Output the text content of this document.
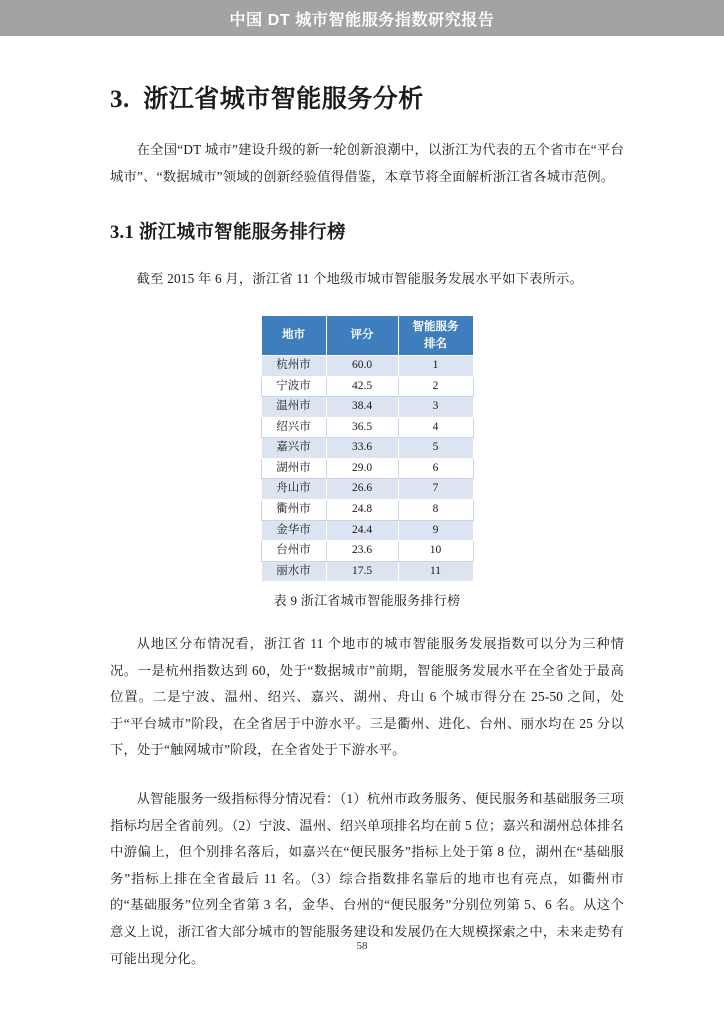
中国 DT 城市智能服务指数研究报告
3.  浙江省城市智能服务分析

在全国“DT 城市”建设升级的新一轮创新浪潮中，以浙江为代表的五个省市在“平台城市”、“数据城市”领域的创新经验值得借鉴，本章节将全面解析浙江省各城市范例。

3.1 浙江城市智能服务排行榜

截至 2015 年 6 月，浙江省 11 个地级市城市智能服务发展水平如下表所示。

地市	评分	智能服务
排名
杭州市	60.0	1
宁波市	42.5	2
温州市	38.4	3
绍兴市	36.5	4
嘉兴市	33.6	5
湖州市	29.0	6
舟山市	26.6	7
衢州市	24.8	8
金华市	24.4	9
台州市	23.6	10
丽水市	17.5	11
表 9 浙江省城市智能服务排行榜

从地区分布情况看，浙江省 11 个地市的城市智能服务发展指数可以分为三种情况。一是杭州指数达到 60，处于“数据城市”前期，智能服务发展水平在全省处于最高位置。二是宁波、温州、绍兴、嘉兴、湖州、舟山 6 个城市得分在 25-50 之间，处于“平台城市”阶段，在全省居于中游水平。三是衢州、进化、台州、丽水均在 25 分以下，处于“触网城市”阶段，在全省处于下游水平。

从智能服务一级指标得分情况看：（1）杭州市政务服务、便民服务和基础服务三项指标均居全省前列。（2）宁波、温州、绍兴单项排名均在前 5 位；嘉兴和湖州总体排名中游偏上，但个别排名落后，如嘉兴在“便民服务”指标上处于第 8 位，湖州在“基础服务”指标上排在全省最后 11 名。（3）综合指数排名靠后的地市也有亮点，如衢州市的“基础服务”位列全省第 3 名，金华、台州的“便民服务”分别位列第 5、6 名。从这个意义上说，浙江省大部分城市的智能服务建设和发展仍在大规模探索之中，未来走势有可能出现分化。

58
